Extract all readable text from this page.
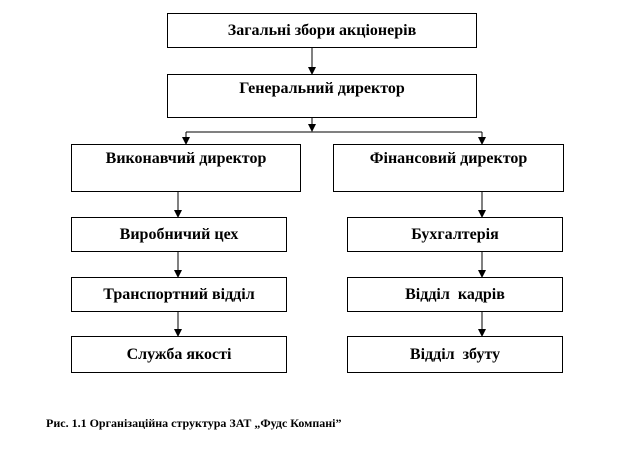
Загальні збори акціонерів
Генеральний директор
Виконавчий директор	Фінансовий директор
Виробничий цех
Транспортний відділ
Служба якості
Бухгалтерія
Відділ  кадрів
Відділ  збуту
Рис. 1.1 Організаційна структура ЗАТ „Фудс Компані”
